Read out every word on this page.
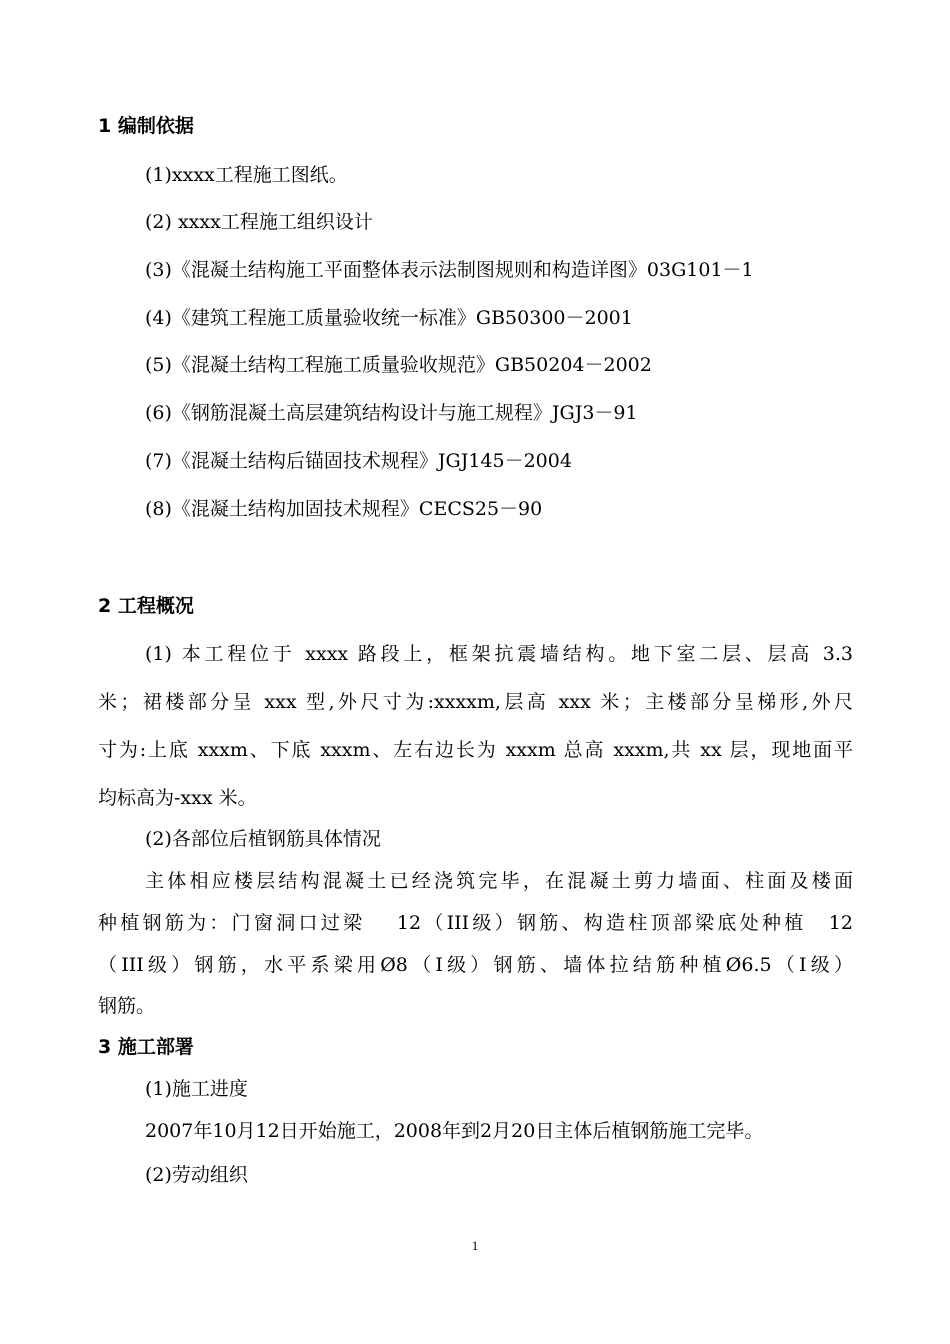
1 编制依据
(1)xxxx工程施工图纸。
(2) xxxx工程施工组织设计
(3)《混凝土结构施工平面整体表示法制图规则和构造详图》03G101－1
(4)《建筑工程施工质量验收统一标准》GB50300－2001
(5)《混凝土结构工程施工质量验收规范》GB50204－2002
(6)《钢筋混凝土高层建筑结构设计与施工规程》JGJ3－91
(7)《混凝土结构后锚固技术规程》JGJ145－2004
(8)《混凝土结构加固技术规程》CECS25－90
2 工程概况
(1) 本工程位于 xxxx 路段上，框架抗震墙结构。地下室二层、层高 3.3
米；裙楼部分呈 xxx 型,外尺寸为:xxxxm,层高 xxx 米；主楼部分呈梯形,外尺
寸为:上底 xxxm、下底 xxxm、左右边长为 xxxm 总高 xxxm,共 xx 层，现地面平
均标高为-xxx 米。
(2)各部位后植钢筋具体情况
主体相应楼层结构混凝土已经浇筑完毕，在混凝土剪力墙面、柱面及楼面
种植钢筋为：门窗洞口过梁　 12（III级）钢筋、构造柱顶部梁底处种植　12
（III级）钢筋，水平系梁用Ø8（Ⅰ级）钢筋、墙体拉结筋种植Ø6.5（Ⅰ级）
钢筋。
3 施工部署
(1)施工进度
2007年10月12日开始施工，2008年到2月20日主体后植钢筋施工完毕。
(2)劳动组织
1
